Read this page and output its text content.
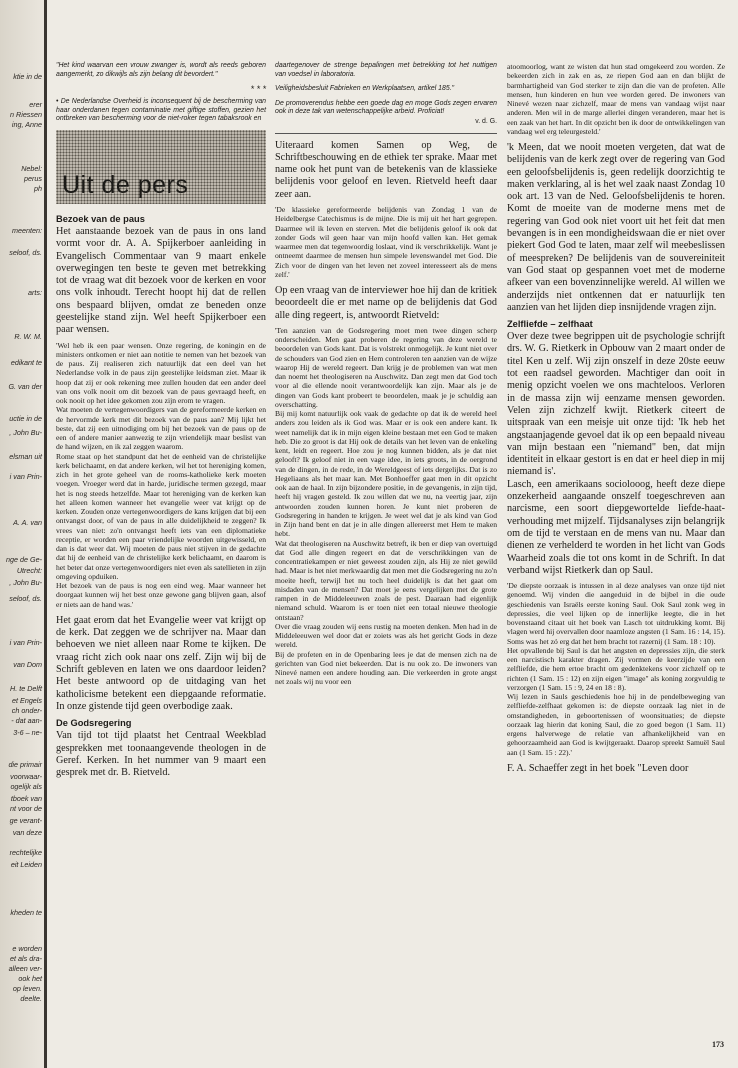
ktie in de
erer
n Riessen
ing, Anne
Nebel:
perus
ph
meenten:
seloof, ds.
arts:
R. W. M.
edikant te
G. van der
uctie in de
, John Bu-
elsman uit
i van Prin-
A. A. van
nge de Ge-
Utrecht:
, John Bu-
seloof, ds.
i van Prin-
van Dom
H. te Delft
et Engels
ch onder-
- dat aan-
3-6 – ne-
die primair
voorwaar-
ogelijk als
tboek van
nt voor de
ge verant-
van deze
rechtelijke
eit Leiden
kheden te
e worden
et als dra-
alleen ver-
ook het
op leven.
deelte.

"Het kind waarvan een vrouw zwanger is, wordt als reeds geboren aangemerkt, zo dikwijls als zijn belang dit bevordert."

* * *

• De Nederlandse Overheid is inconsequent bij de bescherming van haar onderdanen tegen contaminatie met giftige stoffen, gezien het ontbreken van bescherming voor de niet-roker tegen tabaksrook en

Uit de pers
Bezoek van de paus

Het aanstaande bezoek van de paus in ons land vormt voor dr. A. A. Spijkerboer aanleiding in Evangelisch Commentaar van 9 maart enkele overwegingen ten beste te geven met betrekking tot de vraag wat dit bezoek voor de kerken en voor ons volk inhoudt. Terecht hoopt hij dat de rellen ons bespaard blijven, omdat ze beneden onze geestelijke stand zijn. Wel heeft Spijkerboer een paar wensen.

'Wel heb ik een paar wensen. Onze regering, de koningin en de ministers ontkomen er niet aan notitie te nemen van het bezoek van de paus. Zij realiseren zich natuurlijk dat een deel van het Nederlandse volk in de paus zijn geestelijke leidsman ziet. Maar ik hoop dat zij er ook rekening mee zullen houden dat een ander deel van ons volk nooit om dit bezoek van de paus gevraagd heeft, en ook nooit op het idee gekomen zou zijn erom te vragen.

Wat moeten de vertegenwoordigers van de gereformeerde kerken en de hervormde kerk met dit bezoek van de paus aan? Mij lijkt het beste, dat zij een uitnodiging om bij het bezoek van de paus op de een of andere manier aanwezig te zijn vriendelijk maar beslist van de hand wijzen, en ik zal zeggen waarom.

Rome staat op het standpunt dat het de eenheid van de christelijke kerk belichaamt, en dat andere kerken, wil het tot hereniging komen, zich in het grote geheel van de rooms-katholieke kerk moeten voegen. Vroeger werd dat in harde, juridische termen gezegd, maar het is nog steeds hetzelfde. Maar tot hereniging van de kerken kan het alleen komen wanneer het evangelie weer vat krijgt op de kerken. Zouden onze vertegenwoordigers de kans krijgen dat bij een ontvangst door, of van de paus in alle duidelijkheid te zeggen? Ik vrees van niet: zo'n ontvangst heeft iets van een diplomatieke receptie, er worden een paar vriendelijke woorden uitgewisseld, en dan is dat weer dat. Wij moeten de paus niet stijven in de gedachte dat hij de eenheid van de christelijke kerk belichaamt, en daarom is het beter dat onze vertegenwoordigers niet even als satellieten in zijn omgeving opduiken.

Het bezoek van de paus is nog een eind weg. Maar wanneer het doorgaat kunnen wij het best onze gewone gang blijven gaan, alsof er niets aan de hand was.'

Het gaat erom dat het Evangelie weer vat krijgt op de kerk. Dat zeggen we de schrijver na. Maar dan behoeven we niet alleen naar Rome te kijken. De vraag richt zich ook naar ons zelf. Zijn wij bij de Schrift gebleven en laten we ons daardoor leiden? Het beste antwoord op de uitdaging van het katholicisme betekent een diepgaande reformatie. In onze gistende tijd geen overbodige zaak.

De Godsregering

Van tijd tot tijd plaatst het Centraal Weekblad gesprekken met toonaangevende theologen in de Geref. Kerken. In het nummer van 9 maart een gesprek met dr. B. Rietveld.

daartegenover de strenge bepalingen met betrekking tot het nuttigen van voedsel in laboratoria.

Veiligheidsbesluit Fabrieken en Werkplaatsen, artikel 185."

De promoverendus hebbe een goede dag en moge Gods zegen ervaren ook in deze tak van wetenschappelijke arbeid. Proficiat!

v. d. G.

Uiteraard komen Samen op Weg, de Schriftbeschouwing en de ethiek ter sprake. Maar met name ook het punt van de betekenis van de klassieke belijdenis voor geloof en leven. Rietveld heeft daar zeer aan.

'De klassieke gereformeerde belijdenis van Zondag 1 van de Heidelbergse Catechismus is de mijne. Die is mij uit het hart gegrepen. Daarmee wil ik leven en sterven. Met die belijdenis geloof ik ook dat zonder Gods wil geen haar van mijn hoofd vallen kan. Het gemak waarmee men dat tegenwoordig loslaat, vind ik verschrikkelijk. Want je ontneemt daarmee de mensen hun simpele levenswandel met God. Die Zich voor de dingen van het leven net zoveel interesseert als de mens zelf.'

Op een vraag van de interviewer hoe hij dan de kritiek beoordeelt die er met name op de belijdenis dat God alle ding regeert, is, antwoordt Rietveld:

'Ten aanzien van de Godsregering moet men twee dingen scherp onderscheiden. Men gaat proberen de regering van deze wereld te beoordelen van Gods kant. Dat is volstrekt onmogelijk. Je kunt niet over de schouders van God zien en Hem controleren ten aanzien van de wijze waarop Hij de wereld regeert. Dan krijg je de problemen van wat men dan noemt het theologiseren na Auschwitz. Dan zegt men dat God toch voor al die ellende nooit verantwoordelijk kan zijn. Maar als je de dingen van Gods kant probeert te beoordelen, maak je je schuldig aan overschatting.

Bij mij komt natuurlijk ook vaak de gedachte op dat ik de wereld heel anders zou leiden als ik God was. Maar er is ook een andere kant. Ik weet namelijk dat ik in mijn eigen kleine bestaan met een God te maken heb. Die zo groot is dat Hij ook de details van het leven van de enkeling kent, leidt en regeert. Hoe zou je nog kunnen bidden, als je dat niet gelooft? Ik geloof niet in een vage idee, in iets groots, in de oergrond van de dingen, in de rede, in de Wereldgeest of iets dergelijks. Dat is zo Hegeliaans als het maar kan. Met Bonhoeffer gaat men in dit opzicht ook aan de haal. In zijn bijzondere positie, in de gevangenis, in zijn tijd, heeft hij vragen gesteld. Ik zou willen dat we nu, na veertig jaar, zijn antwoorden zouden kunnen horen. Je kunt niet proberen de Godsregering in handen te krijgen. Je weet wel dat je als kind van God in Zijn hand bent en dat je in alle dingen allereerst met Hem te maken hebt.

Wat dat theologiseren na Auschwitz betreft, ik ben er diep van overtuigd dat God alle dingen regeert en dat de verschrikkingen van de concentratiekampen er niet geweest zouden zijn, als Hij ze niet gewild had. Maar is het niet merkwaardig dat men met die Godsregering nu zo'n moeite heeft, terwijl het nu toch heel duidelijk is dat het gaat om misdaden van de mensen? Dat moet je eens vergelijken met de grote rampen in de Middeleeuwen zoals de pest. Daaraan had eigenlijk niemand schuld. Waarom is er toen niet een totaal nieuwe theologie ontstaan?

Over die vraag zouden wij eens rustig na moeten denken. Men had in de Middeleeuwen wel door dat er zoiets was als het gericht Gods in deze wereld.

Bij de profeten en in de Openbaring lees je dat de mensen zich na de gerichten van God niet bekeerden. Dat is nu ook zo. De inwoners van Ninevé namen een andere houding aan. Die verkeerden in grote angst net zoals wij nu voor een

atoomoorlog, want ze wisten dat hun stad omgekeerd zou worden. Ze bekeerden zich in zak en as, ze riepen God aan en dan blijkt de barmhartigheid van God sterker te zijn dan die van de profeten. Alle mensen, hun kinderen en hun vee worden gered. De inwoners van Ninevé wezen naar zichzelf, maar de mens van vandaag wijst naar anderen. Men wil in de marge allerlei dingen veranderen, maar het is een zaak van het hart. In dit opzicht ben ik door de ontwikkelingen van vandaag wel erg teleurgesteld.'

'k Meen, dat we nooit moeten vergeten, dat wat de belijdenis van de kerk zegt over de regering van God een geloofsbelijdenis is, geen redelijk doorzichtig te maken verklaring, al is het wel zaak naast Zondag 10 ook art. 13 van de Ned. Geloofsbelijdenis te horen. Komt de moeite van de moderne mens met de regering van God ook niet voort uit het feit dat men bevangen is in een mondigheidswaan die er niet over piekert God God te laten, maar zelf wil meebeslissen of meespreken? De belijdenis van de souvereiniteit van God staat op gespannen voet met de moderne afkeer van een bovenzinnelijke wereld. Al willen we anderzijds niet ontkennen dat er natuurlijk ten aanzien van het lijden diep insnijdende vragen zijn.

Zelfliefde – zelfhaat

Over deze twee begrippen uit de psychologie schrijft drs. W. G. Rietkerk in Opbouw van 2 maart onder de titel Ken u zelf. Wij zijn onszelf in deze 20ste eeuw tot een raadsel geworden. Machtiger dan ooit in menig opzicht voelen we ons machteloos. Verloren in de massa zijn wij eenzame mensen geworden. Velen zijn zichzelf kwijt. Rietkerk citeert de uitspraak van een meisje uit onze tijd: 'Ik heb het angstaanjagende gevoel dat ik op een bepaald niveau van mijn bestaan een "niemand" ben, dat mijn identiteit in elkaar gestort is en dat er heel diep in mij niemand is'.

Lasch, een amerikaans sociolooog, heeft deze diepe onzekerheid aangaande onszelf toegeschreven aan narcisme, een soort diepgewortelde liefde-haat-verhouding met mijzelf. Tijdsanalyses zijn belangrijk om de tijd te verstaan en de mens van nu. Maar dan dienen ze verhelderd te worden in het licht van Gods Waarheid zoals die tot ons komt in de Schrift. In dat verband wijst Rietkerk dan op Saul.

'De diepste oorzaak is intussen in al deze analyses van onze tijd niet genoemd. Wij vinden die aangeduid in de bijbel in die oude geschiedenis van Israëls eerste koning Saul. Ook Saul zonk weg in depressies, die veel lijken op de innerlijke leegte, die in het bovenstaand citaat uit het boek van Lasch tot uitdrukking komt. Bij vlagen werd hij overvallen door naamloze angsten (1 Sam. 16 : 14, 15). Soms was het zó erg dat het hem bracht tot razernij (1 Sam. 18 : 10).

Het opvallende bij Saul is dat het angsten en depressies zijn, die sterk een narcistisch karakter dragen. Zij vormen de keerzijde van een zelfliefde, die hem ertoe bracht om gedenktekens voor zichzelf op te richten (1 Sam. 15 : 12) en zijn eigen "image" als koning zorgvuldig te verzorgen (1 Sam. 15 : 9, 24 en 18 : 8).

Wij lezen in Sauls geschiedenis hoe hij in de pendelbeweging van zelfliefde-zelfhaat gekomen is: de diepste oorzaak lag niet in de omstandigheden, in geboortenissen of woonsituaties; de diepste oorzaak lag hierin dat koning Saul, die zo goed begon (1 Sam. 11) ergens halverwege de relatie van afhankelijkheid van en gehoorzaamheid aan God is kwijtgeraakt. Daarop spreekt Samuël Saul aan (1 Sam. 15 : 22).'

F. A. Schaeffer zegt in het boek "Leven door

173
